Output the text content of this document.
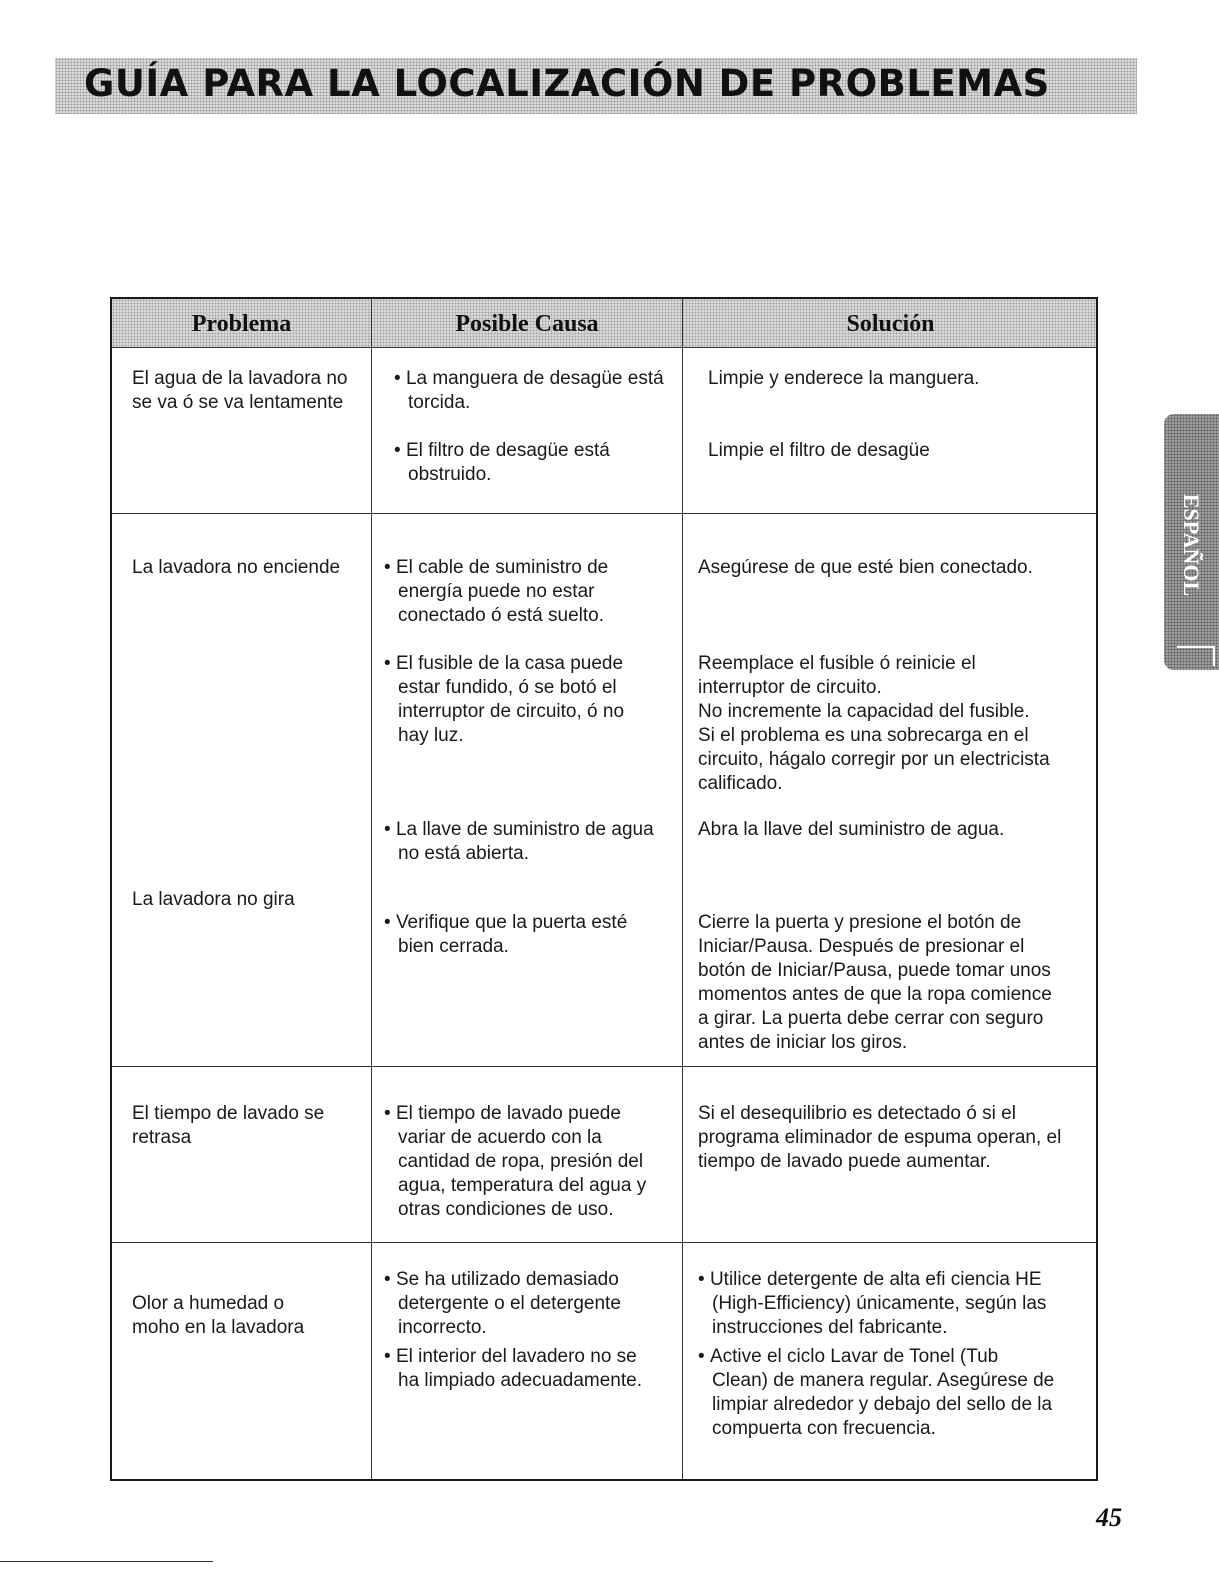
GUÍA PARA LA LOCALIZACIÓN DE PROBLEMAS
ESPAÑOL
Problema	Posible Causa	Solución
El agua de la lavadora no
se va ó se va lentamente
• La manguera de desagüe está
torcida.
• El filtro de desagüe está
obstruido.
Limpie y enderece la manguera.
Limpie el filtro de desagüe
La lavadora no enciende
•	El cable de suministro de
energía puede no estar
conectado ó está suelto.
• El fusible de la casa puede
estar fundido, ó se botó el
interruptor de circuito, ó no
hay luz.
• La llave de suministro de agua
no está abierta.
Asegúrese de que esté bien conectado.
Reemplace el fusible ó reinicie el
interruptor de circuito.
No incremente la capacidad del fusible.
Si el problema es una sobrecarga en el
circuito, hágalo corregir por un electricista
calificado.
Abra la llave del suministro de agua.
La lavadora no gira
• Verifique que la puerta esté
bien cerrada.
Cierre la puerta y presione el botón de
Iniciar/Pausa. Después de presionar el
botón de Iniciar/Pausa, puede tomar unos
momentos antes de que la ropa comience
a girar. La puerta debe cerrar con seguro
antes de iniciar los giros.
El tiempo de lavado se
retrasa
• El tiempo de lavado puede
variar de acuerdo con la
cantidad de ropa, presión del
agua, temperatura del agua y
otras condiciones de uso.
Si el desequilibrio es detectado ó si el
programa eliminador de espuma operan, el
tiempo de lavado puede aumentar.
Olor a humedad o
moho en la lavadora
• Se ha utilizado demasiado
detergente o el detergente
incorrecto.
• El interior del lavadero no se
ha limpiado adecuadamente.
• Utilice detergente de alta efi ciencia HE
(High-Efficiency) únicamente, según las
instrucciones del fabricante.
• Active el ciclo Lavar de Tonel (Tub
Clean) de manera regular. Asegúrese de
limpiar alrededor y debajo del sello de la
compuerta con frecuencia.
45
